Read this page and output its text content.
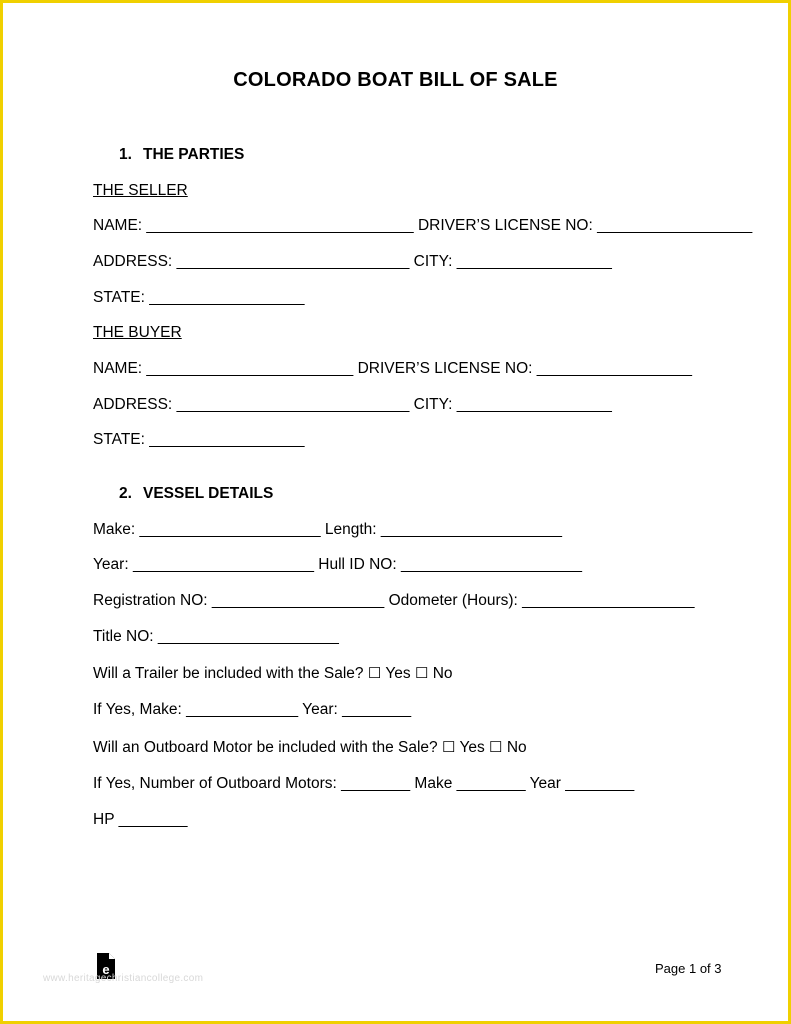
COLORADO BOAT BILL OF SALE
1. THE PARTIES
THE SELLER
NAME: _______________________________ DRIVER’S LICENSE NO: __________________
ADDRESS: ___________________________ CITY: __________________
STATE: __________________
THE BUYER
NAME: ________________________ DRIVER’S LICENSE NO: __________________
ADDRESS: ___________________________ CITY: __________________
STATE: __________________
2. VESSEL DETAILS
Make: _____________________ Length: _____________________
Year: _____________________ Hull ID NO: _____________________
Registration NO: ____________________ Odometer (Hours): ____________________
Title NO: _____________________
Will a Trailer be included with the Sale? ☐ Yes ☐ No
If Yes, Make: _____________ Year: ________
Will an Outboard Motor be included with the Sale? ☐ Yes ☐ No
If Yes, Number of Outboard Motors: ________ Make ________ Year ________
HP ________
e
www.heritagechristiancollege.com
Page 1 of 3
